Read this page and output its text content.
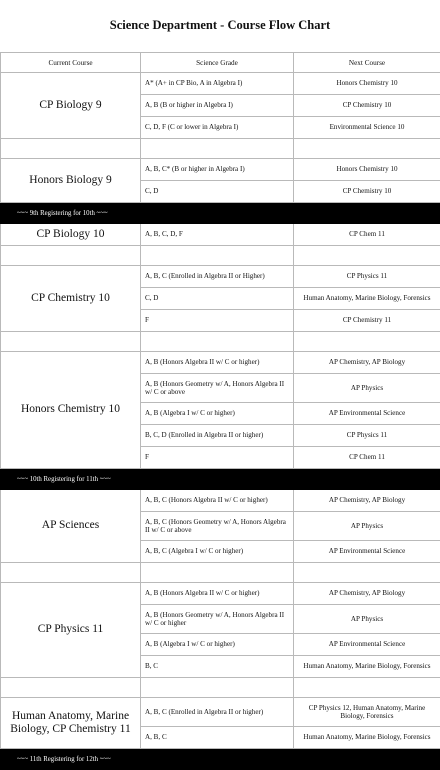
Science Department - Course Flow Chart
Current Course	Science Grade	Next Course
CP Biology 9	A* (A+ in CP Bio, A in Algebra I)	Honors Chemistry 10
	A, B (B or higher in Algebra I)	CP Chemistry 10
	C, D, F (C or lower in Algebra I)	Environmental Science 10

Honors Biology 9	A, B, C* (B or higher in Algebra I)	Honors Chemistry 10
	C, D	CP Chemistry 10
~~~ 9th Registering for 10th ~~~		
CP Biology 10	A, B, C, D, F	CP Chem 11

CP Chemistry 10	A, B, C (Enrolled in Algebra II or Higher)	CP Physics 11
	C, D	Human Anatomy, Marine Biology, Forensics
	F	CP Chemistry 11

Honors Chemistry 10	A, B (Honors Algebra II w/ C or higher)	AP Chemistry, AP Biology
	A, B (Honors Geometry w/ A, Honors Algebra II w/ C or above	AP Physics
	A, B (Algebra I w/ C or higher)	AP Environmental Science
	B, C, D (Enrolled in Algebra II or higher)	CP Physics 11
	F	CP Chem 11
~~~ 10th Registering for 11th ~~~		
AP Sciences	A, B, C (Honors Algebra II w/ C or higher)	AP Chemistry, AP Biology
	A, B, C (Honors Geometry w/ A, Honors Algebra II w/ C or above	AP Physics
	A, B, C (Algebra I w/ C or higher)	AP Environmental Science

CP Physics 11	A, B (Honors Algebra II w/ C or higher)	AP Chemistry, AP Biology
	A, B (Honors Geometry w/ A, Honors Algebra II w/ C or higher	AP Physics
	A, B (Algebra I w/ C or higher)	AP Environmental Science
	B, C	Human Anatomy, Marine Biology, Forensics

Human Anatomy, Marine Biology, CP Chemistry 11	A, B, C (Enrolled in Algebra II or higher)	CP Physics 12, Human Anatomy, Marine Biology, Forensics
	A, B, C	Human Anatomy, Marine Biology, Forensics
~~~ 11th Registering for 12th ~~~		
